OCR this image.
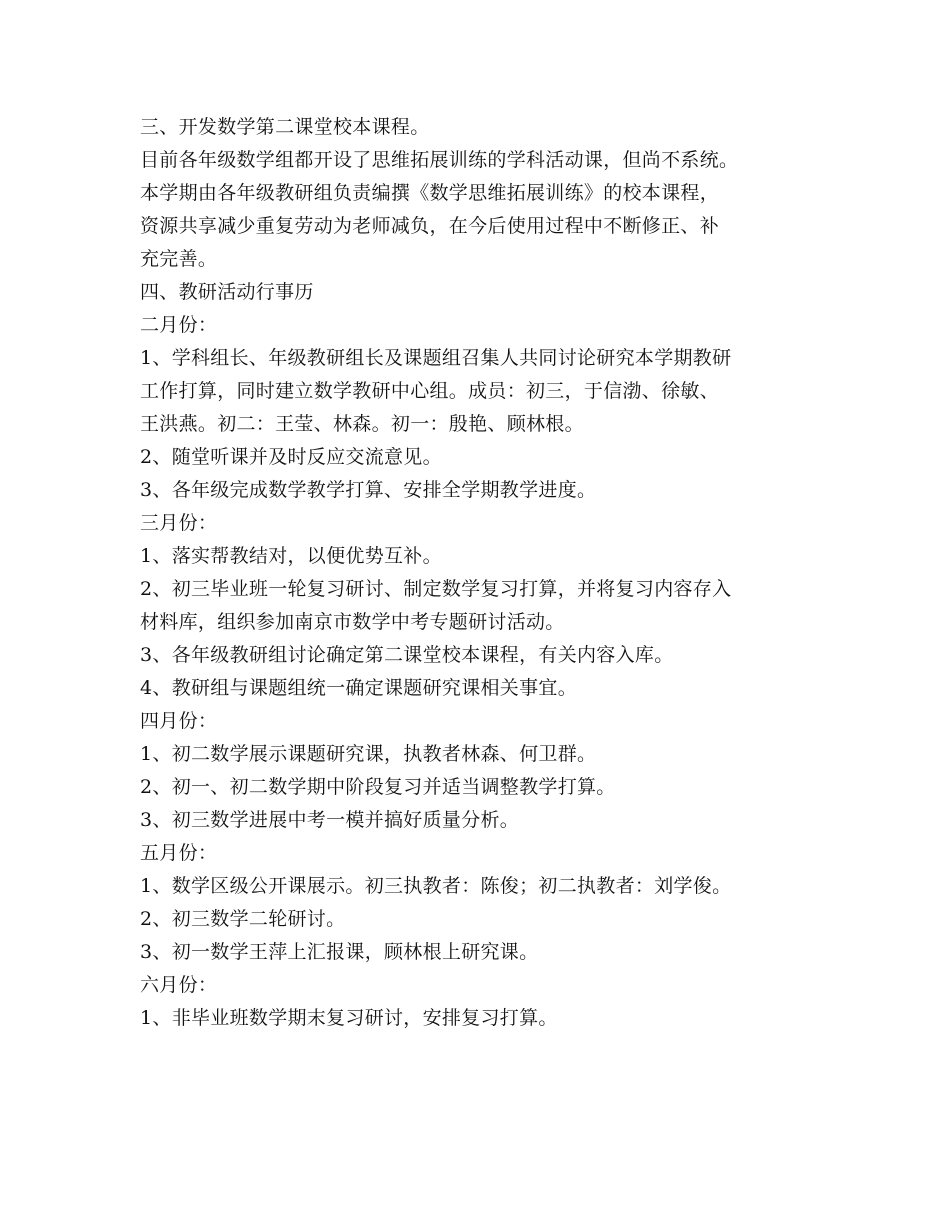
三、开发数学第二课堂校本课程。

目前各年级数学组都开设了思维拓展训练的学科活动课，但尚不系统。

本学期由各年级教研组负责编撰《数学思维拓展训练》的校本课程，

资源共享减少重复劳动为老师减负，在今后使用过程中不断修正、补

充完善。

四、教研活动行事历

二月份：

1、学科组长、年级教研组长及课题组召集人共同讨论研究本学期教研

工作打算，同时建立数学教研中心组。成员：初三，于信渤、徐敏、

王洪燕。初二：王莹、林森。初一：殷艳、顾林根。

2、随堂听课并及时反应交流意见。

3、各年级完成数学教学打算、安排全学期教学进度。

三月份：

1、落实帮教结对，以便优势互补。

2、初三毕业班一轮复习研讨、制定数学复习打算，并将复习内容存入

材料库，组织参加南京市数学中考专题研讨活动。

3、各年级教研组讨论确定第二课堂校本课程，有关内容入库。

4、教研组与课题组统一确定课题研究课相关事宜。

四月份：

1、初二数学展示课题研究课，执教者林森、何卫群。

2、初一、初二数学期中阶段复习并适当调整教学打算。

3、初三数学进展中考一模并搞好质量分析。

五月份：

1、数学区级公开课展示。初三执教者：陈俊；初二执教者：刘学俊。

2、初三数学二轮研讨。

3、初一数学王萍上汇报课，顾林根上研究课。

六月份：

1、非毕业班数学期末复习研讨，安排复习打算。
